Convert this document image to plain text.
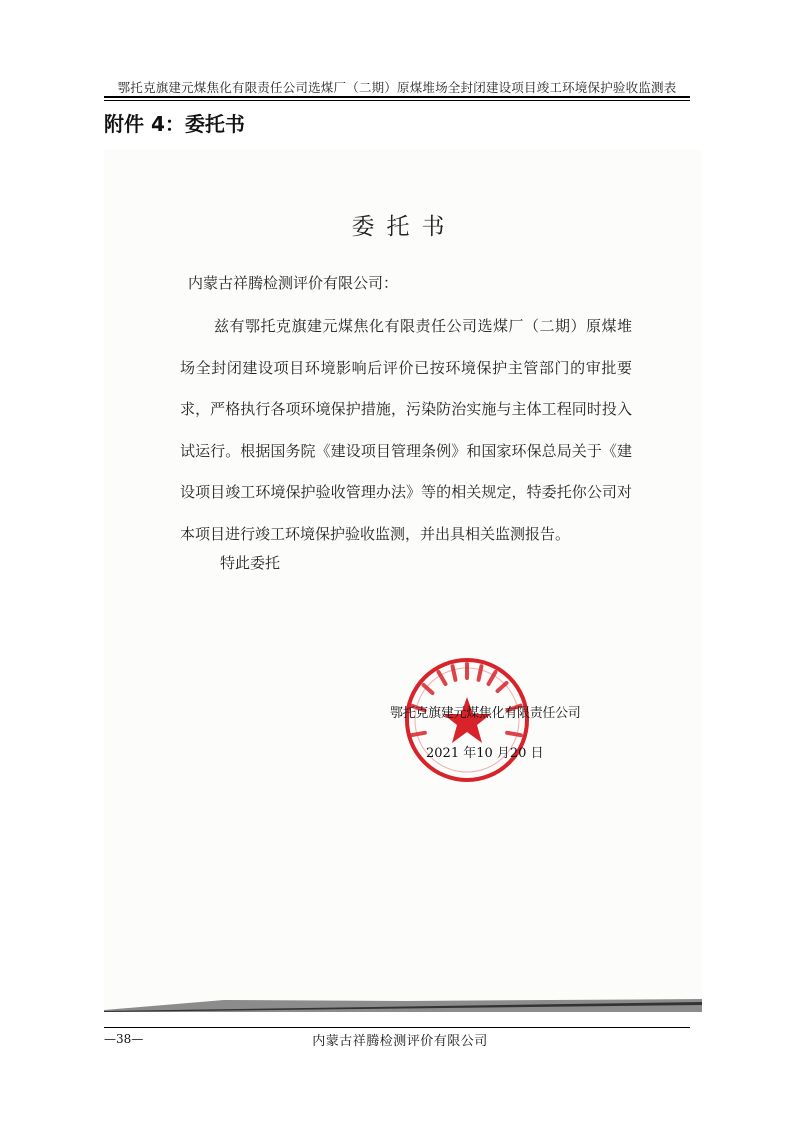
鄂托克旗建元煤焦化有限责任公司选煤厂（二期）原煤堆场全封闭建设项目竣工环境保护验收监测表
附件 4：委托书
委托书
内蒙古祥腾检测评价有限公司：
兹有鄂托克旗建元煤焦化有限责任公司选煤厂（二期）原煤堆场全封闭建设项目环境影响后评价已按环境保护主管部门的审批要求，严格执行各项环境保护措施，污染防治实施与主体工程同时投入试运行。根据国务院《建设项目管理条例》和国家环保总局关于《建设项目竣工环境保护验收管理办法》等的相关规定，特委托你公司对本项目进行竣工环境保护验收监测，并出具相关监测报告。
特此委托
鄂托克旗建元煤焦化有限责任公司
2021 年10 月20 日
—38—	内蒙古祥腾检测评价有限公司
